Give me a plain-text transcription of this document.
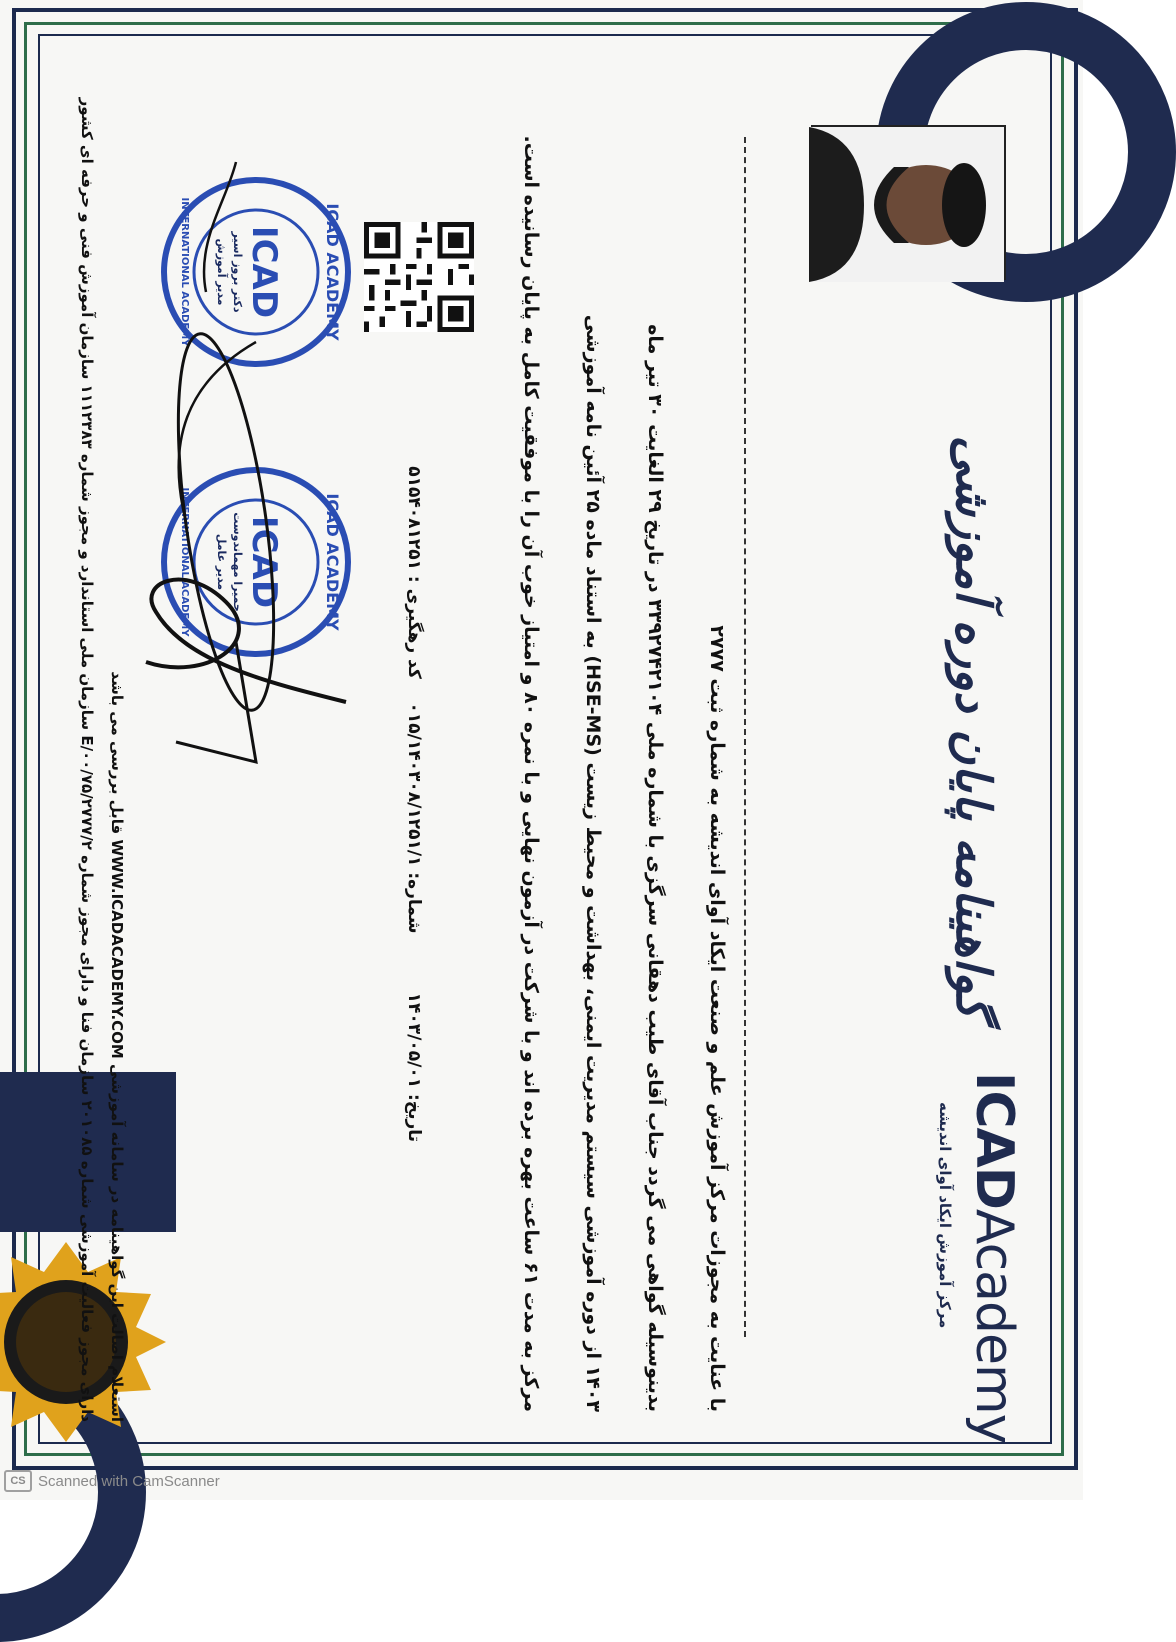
ICADAcademy
مرکز آموزش ایکاد آوای اندیشه
گواهینامه پایان دوره آموزشی
با عنایت به مجوزات مرکز آموزش علم و صنعت ایکاد آوای اندیشه به شماره ثبت ۲۷۷۷
بدینوسیله گواهی می گردد جناب آقای طیب دهقانی سرگزی با شماره ملی ۳۳۹۲۷۴۲۱۰۴ در تاریخ ۲۹ الغایت ۳۰ تیر ماه
۱۴۰۳ از دوره آموزشی سیستم مدیریت ایمنی، بهداشت و محیط زیست (HSE-MS) به استناد ماده ۲۵ آئین نامه آموزشی
مرکز به مدت ۶۱ ساعت بهره برده اند و با شرکت در آزمون نهایی و با نمره ۸۰ و امتیاز خوب آن را با موفقیت کامل به پایان رسانیده است.
تاریخ: ۱۴۰۳/۰۵/۰۱          شماره: ۰۱۵/۱۴۰۳۰۸/۱۲۵۱/۱    کد رهگیری : ۵۱۵۴۰۸۱۲۵۱
ICAD ACADEMY
ICAD
حمیرا مهماندوست
مدیر عامل
INTERNATIONAL ACADEMY
ICAD ACADEMY
ICAD
دکتر بروز اسیر
مدیر آموزش
INTERNATIONAL ACADEMY
استعلام اصالت این گواهینامه در سامانه آموزشی WWW.ICADACADEMY.COM قابل بررسی می باشد
دارای مجوز فعالیت آموزشی شماره ۲۰۱۰۸۵ سازمان فنا و دارای مجوز شماره ۲/E/۰۰/۷۵/۲۷۷۷ سازمان ملی استاندارد و مجوز شماره ۱۱۱۲۳۸۳ سازمان آموزش فنی و حرفه ای کشور
CS Scanned with CamScanner
